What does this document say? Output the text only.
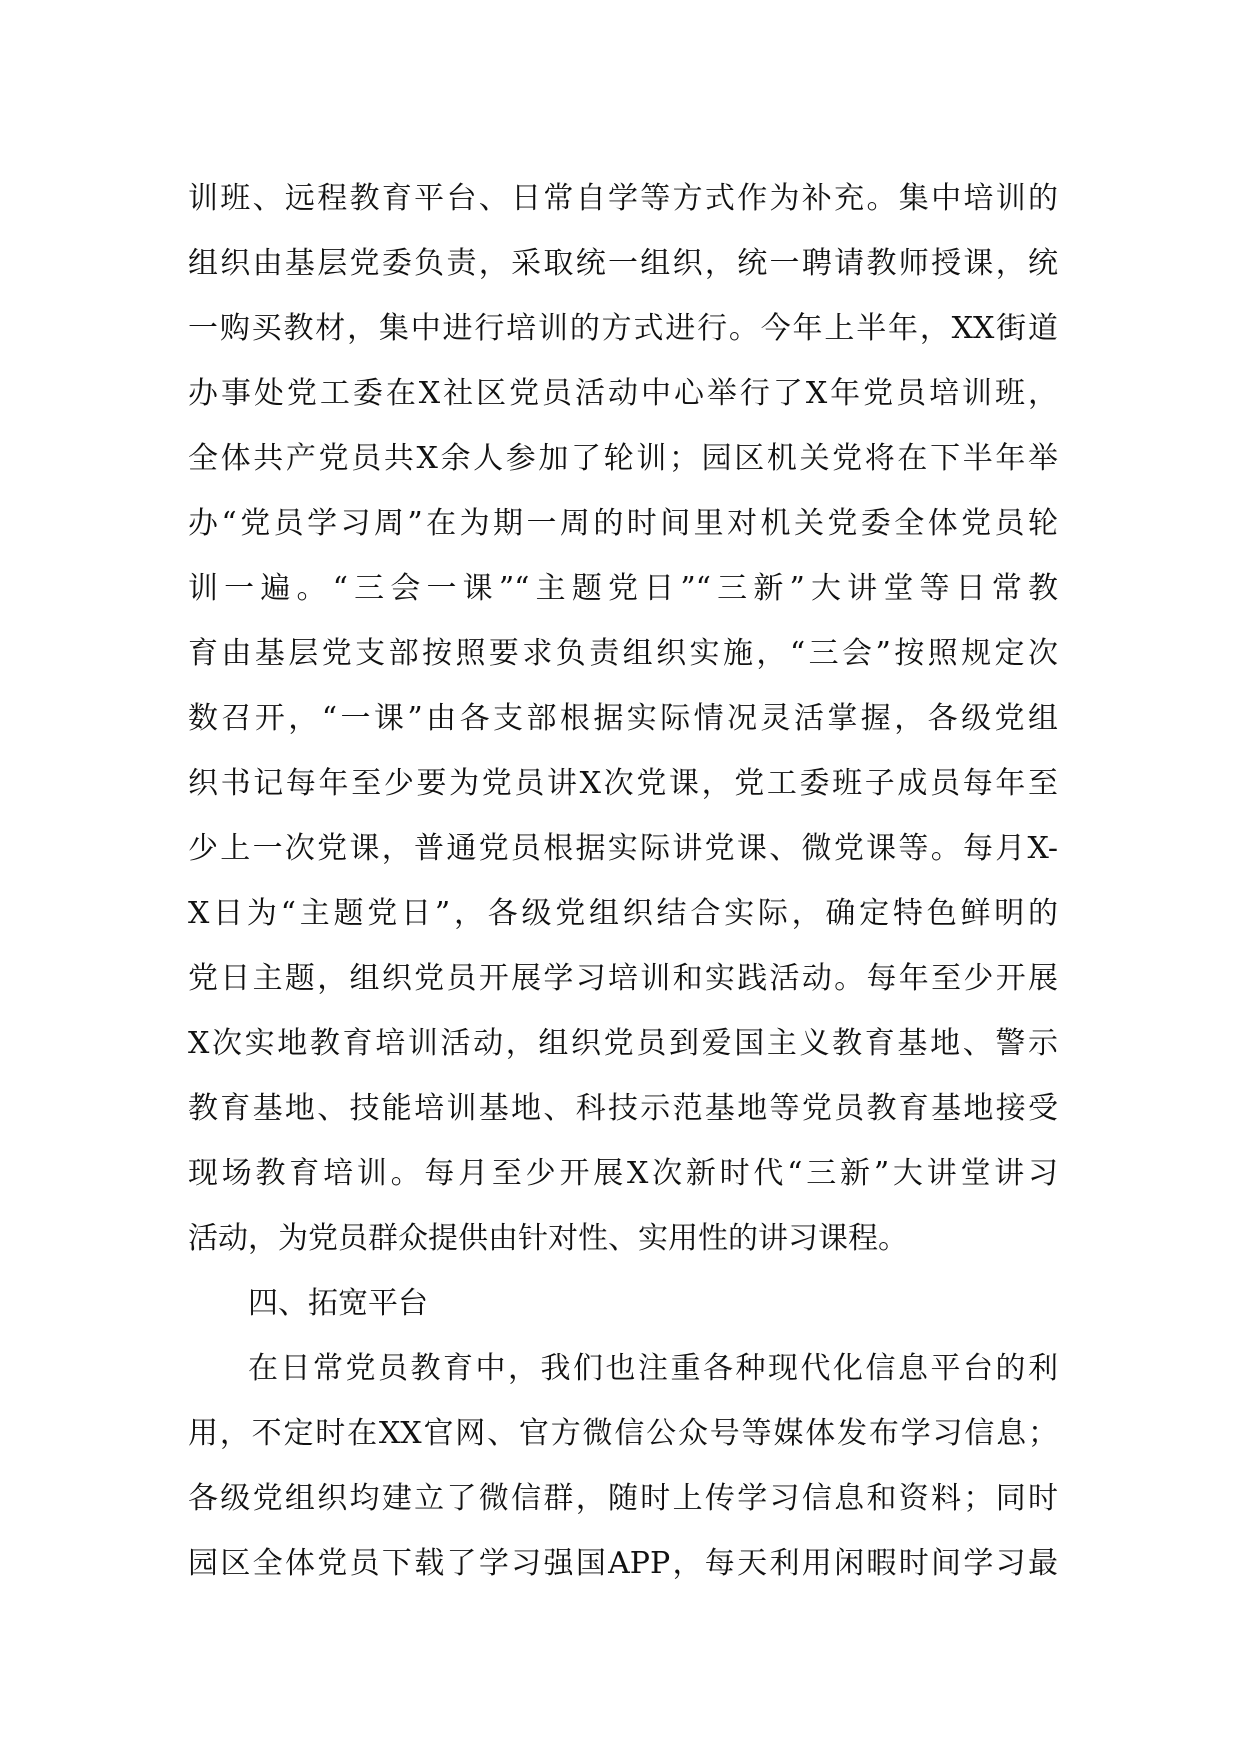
训班、远程教育平台、日常自学等方式作为补充。集中培训的
组织由基层党委负责，采取统一组织，统一聘请教师授课，统
一购买教材，集中进行培训的方式进行。今年上半年，XX街道
办事处党工委在X社区党员活动中心举行了X年党员培训班，
全体共产党员共X余人参加了轮训；园区机关党将在下半年举
办“党员学习周”在为期一周的时间里对机关党委全体党员轮
训一遍。“三会一课”“主题党日”“三新”大讲堂等日常教
育由基层党支部按照要求负责组织实施，“三会”按照规定次
数召开，“一课”由各支部根据实际情况灵活掌握，各级党组
织书记每年至少要为党员讲X次党课，党工委班子成员每年至
少上一次党课，普通党员根据实际讲党课、微党课等。每月X-
X日为“主题党日”，各级党组织结合实际，确定特色鲜明的
党日主题，组织党员开展学习培训和实践活动。每年至少开展
X次实地教育培训活动，组织党员到爱国主义教育基地、警示
教育基地、技能培训基地、科技示范基地等党员教育基地接受
现场教育培训。每月至少开展X次新时代“三新”大讲堂讲习
活动，为党员群众提供由针对性、实用性的讲习课程。
四、拓宽平台
在日常党员教育中，我们也注重各种现代化信息平台的利
用，不定时在XX官网、官方微信公众号等媒体发布学习信息；
各级党组织均建立了微信群，随时上传学习信息和资料；同时
园区全体党员下载了学习强国APP，每天利用闲暇时间学习最
